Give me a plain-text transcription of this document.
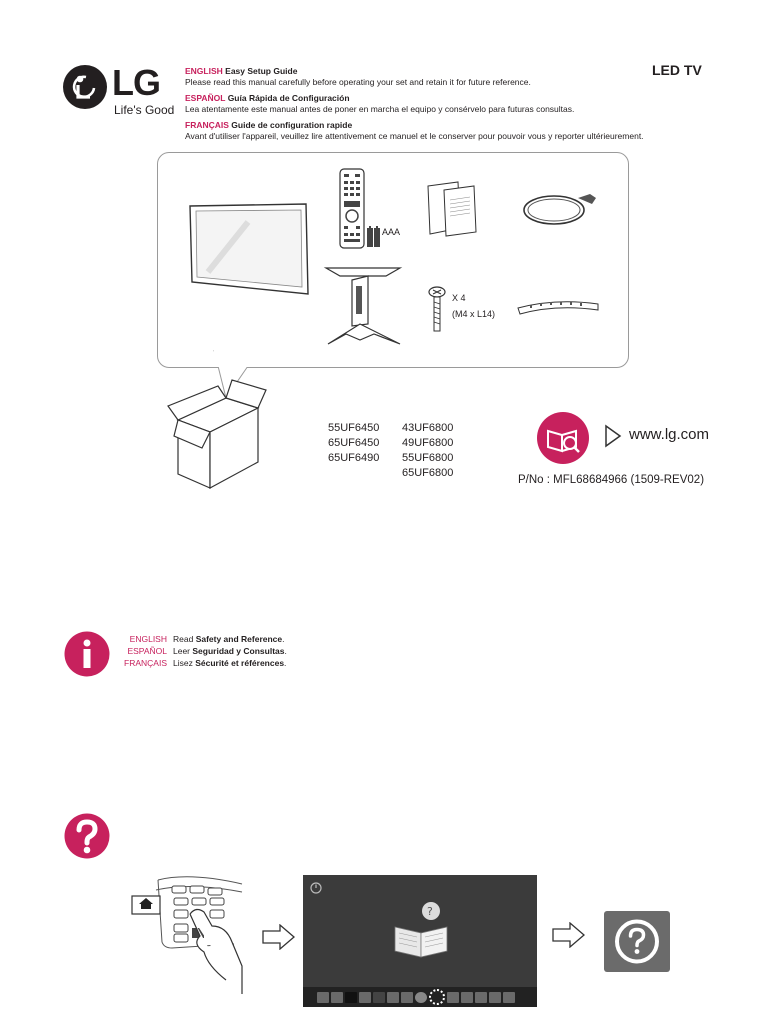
LG
Life's Good
ENGLISH Easy Setup Guide
Please read this manual carefully before operating your set and retain it for future reference.
ESPAÑOL Guía Rápida de Configuración
Lea atentamente este manual antes de poner en marcha el equipo y consérvelo para futuras consultas.
FRANÇAIS Guide de configuration rapide
Avant d'utiliser l'appareil, veuillez lire attentivement ce manuel et le conserver pour pouvoir vous y reporter ultérieurement.
LED TV
AAA
X 4
(M4 x L14)
55UF6450
65UF6450
65UF6490
43UF6800
49UF6800
55UF6800
65UF6800
www.lg.com
P/No : MFL68684966 (1509-REV02)
ENGLISH
ESPAÑOL
FRANÇAIS
Read Safety and Reference.
Leer Seguridad y Consultas.
Lisez Sécurité et références.
?
